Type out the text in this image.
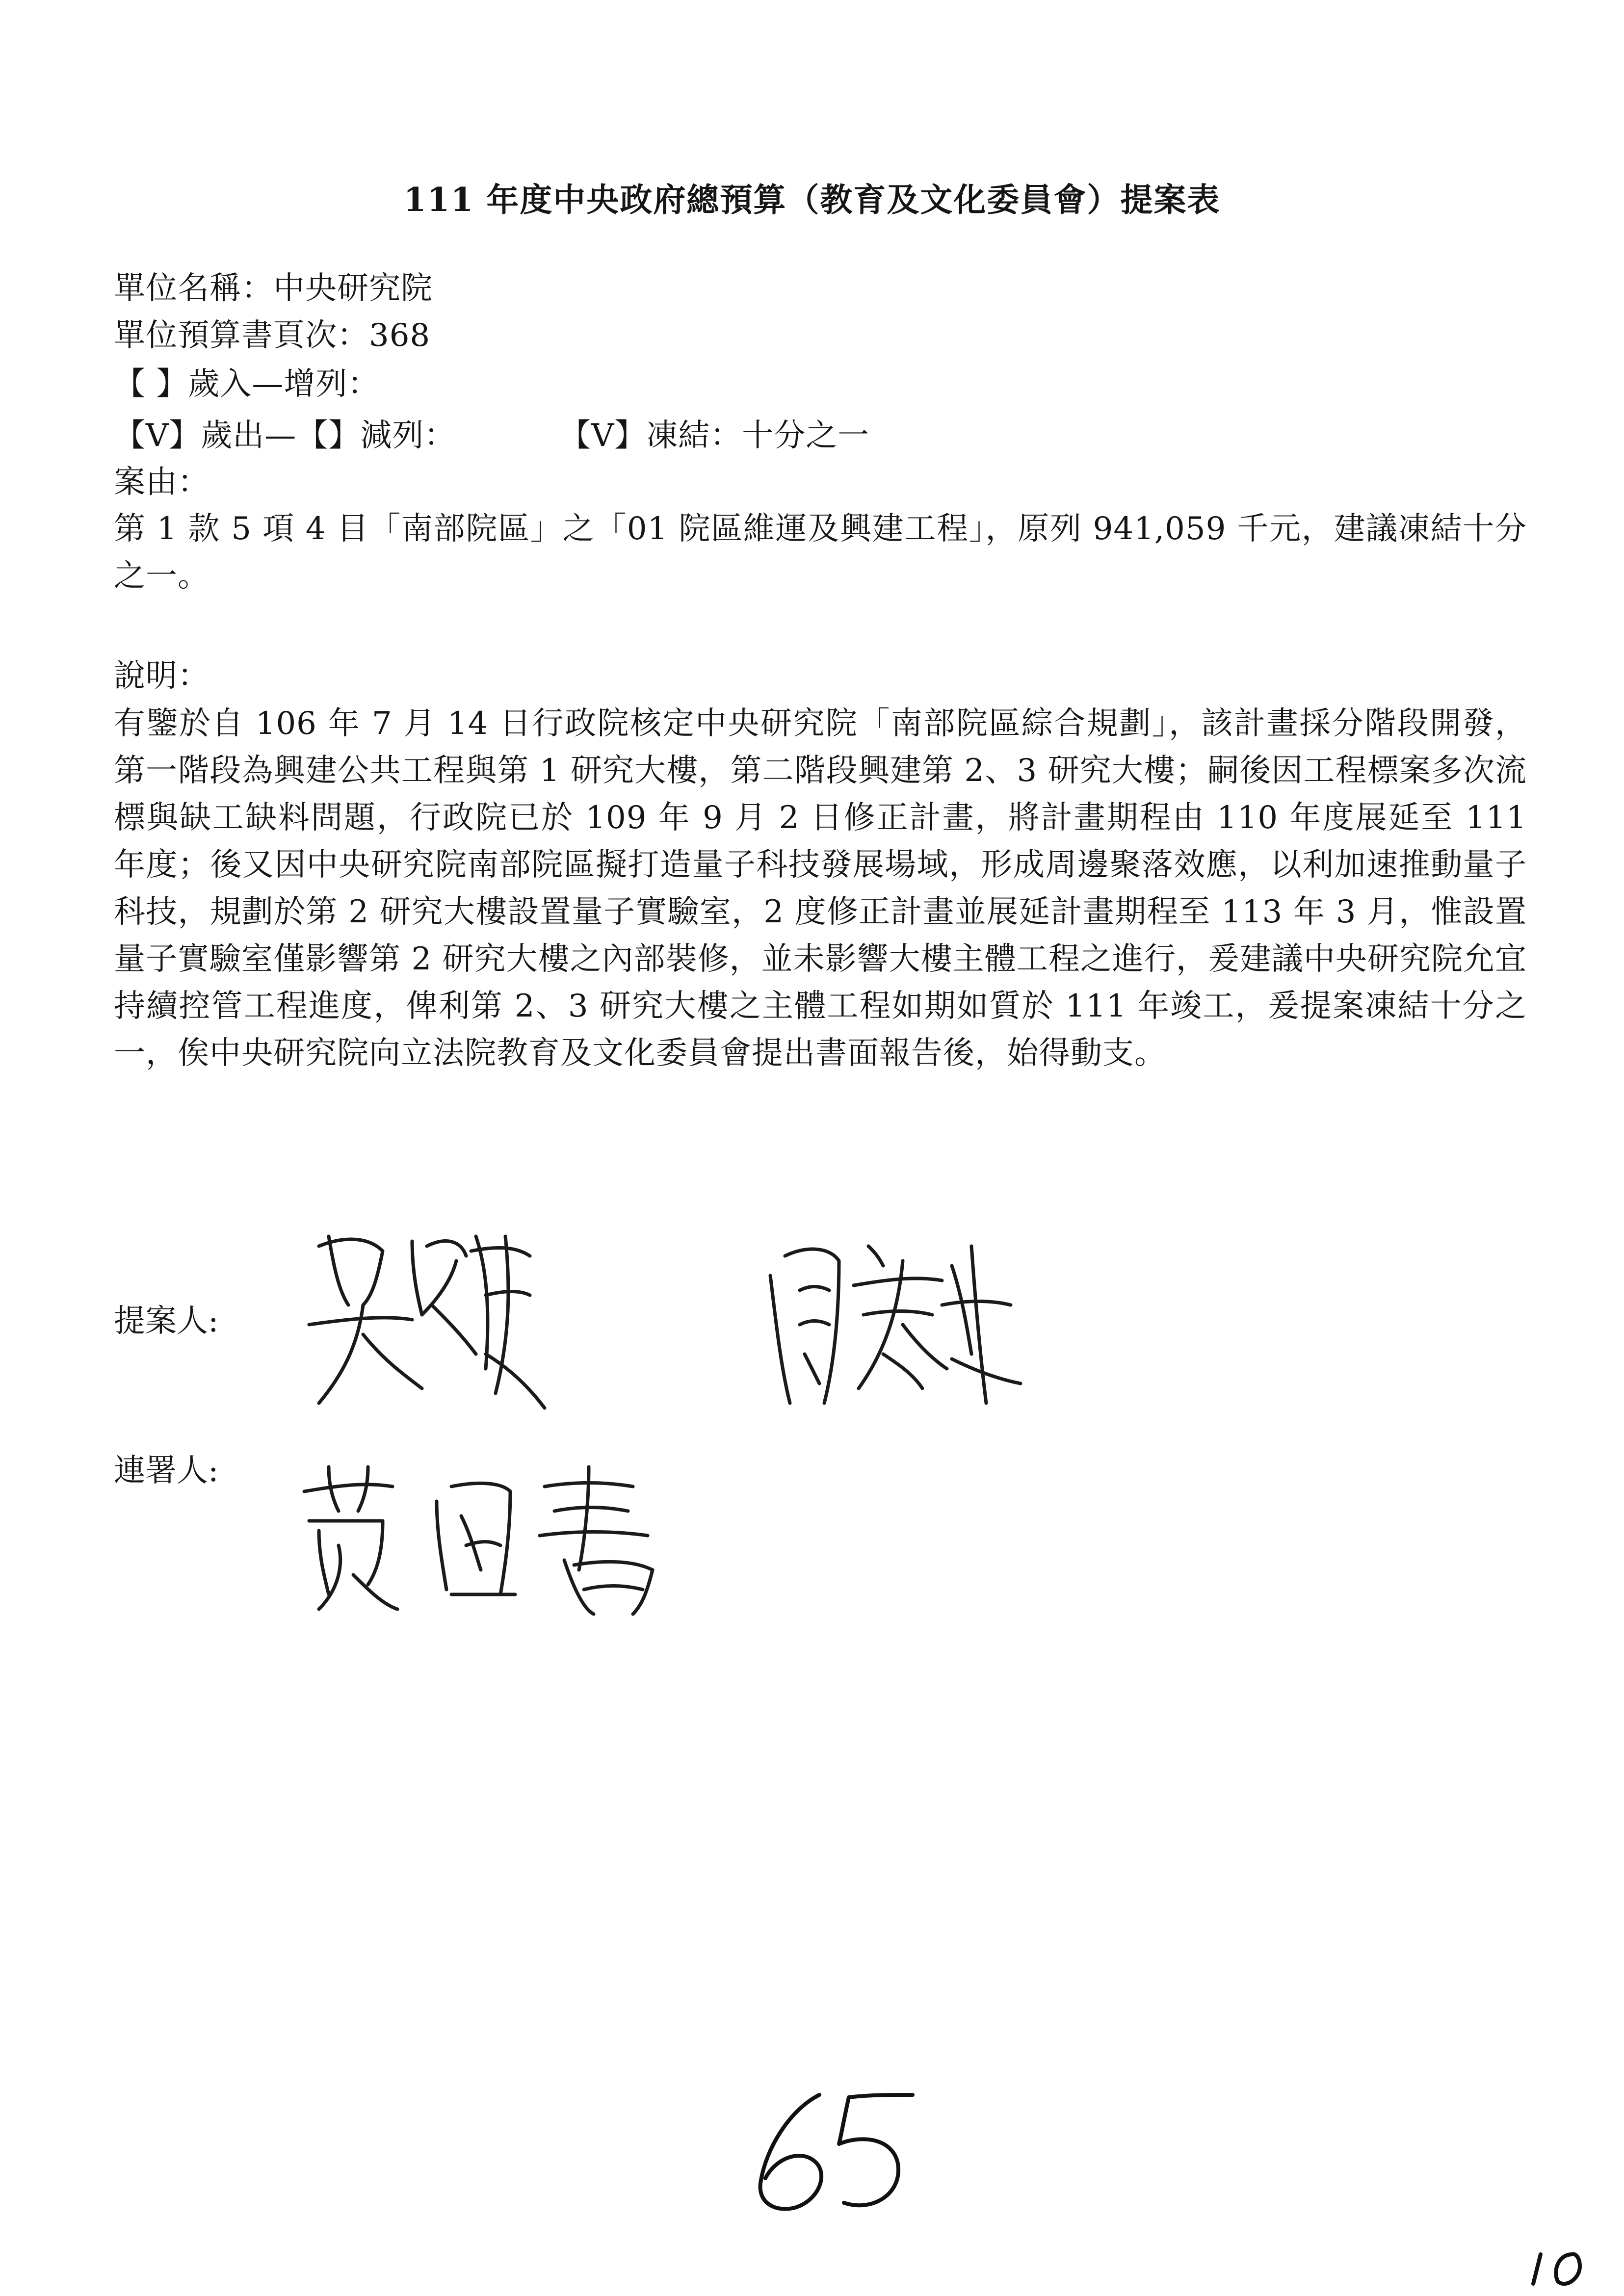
111 年度中央政府總預算（教育及文化委員會）提案表
單位名稱：中央研究院
單位預算書頁次：368
【 】歲入—增列：
【V】歲出—【】減列：	【V】凍結：十分之一
案由：

第 1 款 5 項 4 目「南部院區」之「01 院區維運及興建工程」，原列 941,059 千元，建議凍結十分之一。

說明：

有鑒於自 106 年 7 月 14 日行政院核定中央研究院「南部院區綜合規劃」，該計畫採分階段開發，第一階段為興建公共工程與第 1 研究大樓，第二階段興建第 2、3 研究大樓；嗣後因工程標案多次流標與缺工缺料問題，行政院已於 109 年 9 月 2 日修正計畫，將計畫期程由 110 年度展延至 111 年度；後又因中央研究院南部院區擬打造量子科技發展場域，形成周邊聚落效應，以利加速推動量子科技，規劃於第 2 研究大樓設置量子實驗室，2 度修正計畫並展延計畫期程至 113 年 3 月，惟設置量子實驗室僅影響第 2 研究大樓之內部裝修，並未影響大樓主體工程之進行，爰建議中央研究院允宜持續控管工程進度，俾利第 2、3 研究大樓之主體工程如期如質於 111 年竣工，爰提案凍結十分之一，俟中央研究院向立法院教育及文化委員會提出書面報告後，始得動支。

提案人:
連署人:
